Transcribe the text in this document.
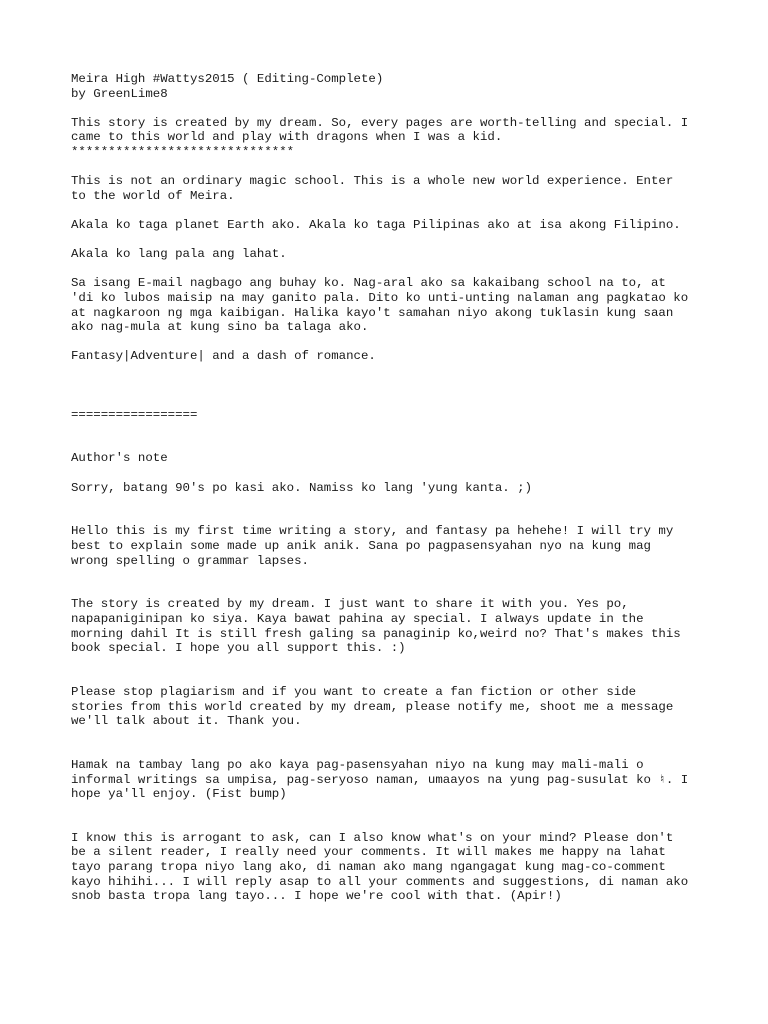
Meira High #Wattys2015 ( Editing-Complete)
by GreenLime8
This story is created by my dream. So, every pages are worth-telling and special. I
came to this world and play with dragons when I was a kid.
******************************
This is not an ordinary magic school. This is a whole new world experience. Enter
to the world of Meira.
Akala ko taga planet Earth ako. Akala ko taga Pilipinas ako at isa akong Filipino.
Akala ko lang pala ang lahat.
Sa isang E-mail nagbago ang buhay ko. Nag-aral ako sa kakaibang school na to, at
'di ko lubos maisip na may ganito pala. Dito ko unti-unting nalaman ang pagkatao ko
at nagkaroon ng mga kaibigan. Halika kayo't samahan niyo akong tuklasin kung saan
ako nag-mula at kung sino ba talaga ako.
Fantasy|Adventure| and a dash of romance.
=================
Author's note
Sorry, batang 90's po kasi ako. Namiss ko lang 'yung kanta. ;)
Hello this is my first time writing a story, and fantasy pa hehehe! I will try my
best to explain some made up anik anik. Sana po pagpasensyahan nyo na kung mag
wrong spelling o grammar lapses.
The story is created by my dream. I just want to share it with you. Yes po,
napapaniginipan ko siya. Kaya bawat pahina ay special. I always update in the
morning dahil It is still fresh galing sa panaginip ko,weird no? That's makes this
book special. I hope you all support this. :)
Please stop plagiarism and if you want to create a fan fiction or other side
stories from this world created by my dream, please notify me, shoot me a message
we'll talk about it. Thank you.
Hamak na tambay lang po ako kaya pag-pasensyahan niyo na kung may mali-mali o
informal writings sa umpisa, pag-seryoso naman, umaayos na yung pag-susulat ko ♮. I
hope ya'll enjoy. (Fist bump)
I know this is arrogant to ask, can I also know what's on your mind? Please don't
be a silent reader, I really need your comments. It will makes me happy na lahat
tayo parang tropa niyo lang ako, di naman ako mang ngangagat kung mag-co-comment
kayo hihihi... I will reply asap to all your comments and suggestions, di naman ako
snob basta tropa lang tayo... I hope we're cool with that. (Apir!)
